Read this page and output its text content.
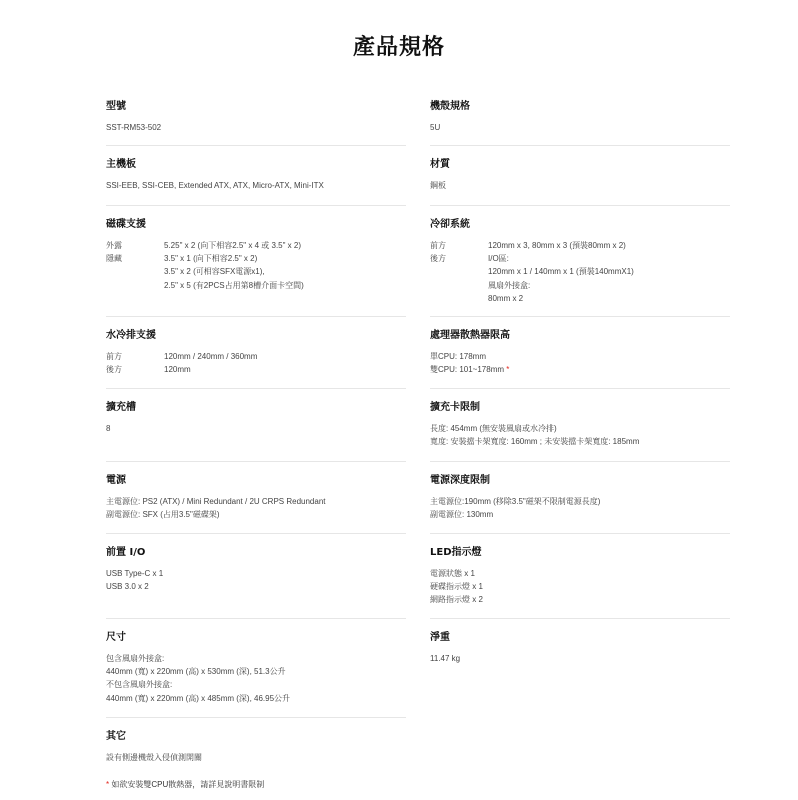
產品規格
型號
SST-RM53-502
主機板
SSI-EEB, SSI-CEB, Extended ATX, ATX, Micro-ATX, Mini-ITX
磁碟支援
外露	5.25" x 2 (向下相容2.5" x 4 或 3.5" x 2)
隱藏	3.5" x 1 (向下相容2.5" x 2)
3.5" x 2 (可相容SFX電源x1),
2.5" x 5 (有2PCS占用第8槽介面卡空間)
水冷排支援
前方	120mm / 240mm / 360mm
後方	120mm
擴充槽
8
電源
主電源位: PS2 (ATX) / Mini Redundant / 2U CRPS Redundant
副電源位: SFX (占用3.5"磁碟架)
前置 I/O
USB Type-C x 1
USB 3.0 x 2
尺寸
包含風扇外接盒:
440mm (寬) x 220mm (高) x 530mm (深), 51.3公升
不包含風扇外接盒:
440mm (寬) x 220mm (高) x 485mm (深), 46.95公升
其它
設有側邊機殼入侵偵測開關
機殼規格
5U
材質
鋼板
冷卻系統
前方	120mm x 3, 80mm x 3 (預裝80mm x 2)
後方	I/O區:
120mm x 1 / 140mm x 1 (預裝140mmX1)
風扇外接盒:
80mm x 2
處理器散熱器限高
單CPU: 178mm
雙CPU: 101~178mm *
擴充卡限制
長度: 454mm (無安裝風扇或水冷排)
寬度: 安裝擋卡架寬度: 160mm ; 未安裝擋卡架寬度: 185mm
電源深度限制
主電源位:190mm (移除3.5"磁架不限制電源長度)
副電源位: 130mm
LED指示燈
電源狀態 x 1
硬碟指示燈 x 1
網路指示燈 x 2
淨重
11.47 kg
* 如欲安裝雙CPU散熱器，請詳見說明書限制
